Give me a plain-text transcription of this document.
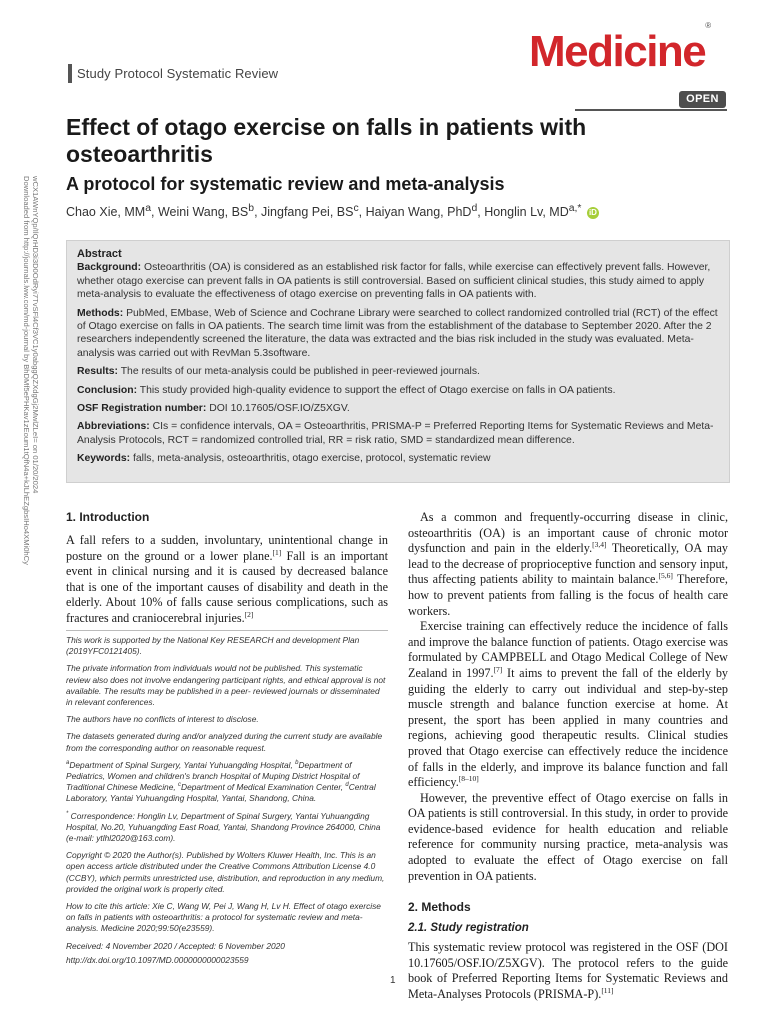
Study Protocol Systematic Review	Medicine®
OPEN
Downloaded from http://journals.lww.com/md-journal by BhDMf5ePHKav1zEoum1tQfN4a+kJLhEZgbsIHo4XMi0hCy wCX1AWnYQp/IlQrHD3i3D0OdRyi7TvSFl4Cf3VC1y0abggQZXdgGj2MwlZLeI= on 01/20/2024
Effect of otago exercise on falls in patients with osteoarthritis
A protocol for systematic review and meta-analysis
Chao Xie, $MM^a$, Weini Wang, $BS^b$, Jingfang Pei, $BS^c$, Haiyan Wang, PhD$^d$, Honglin Lv, $MD^{a,*}$ iD

Abstract

Background: Osteoarthritis (OA) is considered as an established risk factor for falls, while exercise can effectively prevent falls. However, whether otago exercise can prevent falls in OA patients is still controversial. Based on sufficient clinical studies, this study aimed to apply meta-analysis to evaluate the effectiveness of otago exercise on preventing falls in OA patients with.

Methods: PubMed, EMbase, Web of Science and Cochrane Library were searched to collect randomized controlled trial (RCT) of the effect of Otago exercise on falls in OA patients. The search time limit was from the establishment of the database to September 2020. After the 2 researchers independently screened the literature, the data was extracted and the bias risk included in the study was evaluated. Meta-analysis was carried out with RevMan 5.3software.

Results: The results of our meta-analysis could be published in peer-reviewed journals.

Conclusion: This study provided high-quality evidence to support the effect of Otago exercise on falls in OA patients.

OSF Registration number: DOI 10.17605/OSF.IO/Z5XGV.

Abbreviations: CIs = confidence intervals, OA = Osteoarthritis, PRISMA-P = Preferred Reporting Items for Systematic Reviews and Meta-Analysis Protocols, RCT = randomized controlled trial, RR = risk ratio, SMD = standardized mean difference.

Keywords: falls, meta-analysis, osteoarthritis, otago exercise, protocol, systematic review

1. Introduction

A fall refers to a sudden, involuntary, unintentional change in posture on the ground or a lower plane.[1] Fall is an important event in clinical nursing and it is caused by decreased balance that is one of the important causes of disability and death in the elderly. About 10% of falls cause serious complications, such as fractures and craniocerebral injuries.[2]

This work is supported by the National Key RESEARCH and development Plan (2019YFC0121405).

The private information from individuals would not be published. This systematic review also does not involve endangering participant rights, and ethical approval is not available. The results may be published in a peer- reviewed journals or disseminated in relevant conferences.

The authors have no conflicts of interest to disclose.

The datasets generated during and/or analyzed during the current study are available from the corresponding author on reasonable request.

$^a$Department of Spinal Surgery, Yantai Yuhuangding Hospital, $^b$Department of Pediatrics, Women and children's branch Hospital of Muping District Hospital of Traditional Chinese Medicine, $^c$Department of Medical Examination Center, $^d$Central Laboratory, Yantai Yuhuangding Hospital, Yantai, Shandong, China.

* Correspondence: Honglin Lv, Department of Spinal Surgery, Yantai Yuhuangding Hospital, No.20, Yuhuangding East Road, Yantai, Shandong Province 264000, China (e-mail: ytlhl2020@163.com).

Copyright © 2020 the Author(s). Published by Wolters Kluwer Health, Inc. This is an open access article distributed under the Creative Commons Attribution License 4.0 (CCBY), which permits unrestricted use, distribution, and reproduction in any medium, provided the original work is properly cited.

How to cite this article: Xie C, Wang W, Pei J, Wang H, Lv H. Effect of otago exercise on falls in patients with osteoarthritis: a protocol for systematic review and meta-analysis. Medicine 2020;99:50(e23559).

Received: 4 November 2020 / Accepted: 6 November 2020

http://dx.doi.org/10.1097/MD.0000000000023559

As a common and frequently-occurring disease in clinic, osteoarthritis (OA) is an important cause of chronic motor dysfunction and pain in the elderly.[3,4] Theoretically, OA may lead to the decrease of proprioceptive function and sensory input, thus affecting patients ability to maintain balance.[5,6] Therefore, how to prevent patients from falling is the focus of health care workers.

Exercise training can effectively reduce the incidence of falls and improve the balance function of patients. Otago exercise was formulated by CAMPBELL and Otago Medical College of New Zealand in 1997.[7] It aims to prevent the fall of the elderly by guiding the elderly to carry out individual and step-by-step muscle strength and balance function exercise at home. At present, the sport has been applied in many countries and regions, achieving good therapeutic results. Clinical studies proved that Otago exercise can effectively reduce the incidence of falls in the elderly, and improve its balance function and fall efficiency.[8–10]

However, the preventive effect of Otago exercise on falls in OA patients is still controversial. In this study, in order to provide evidence-based evidence for health education and reliable reference for community nursing practice, meta-analysis was adopted to evaluate the effect of Otago exercise on fall prevention in OA patients.

2. Methods

2.1. Study registration

This systematic review protocol was registered in the OSF (DOI 10.17605/OSF.IO/Z5XGV). The protocol refers to the guide book of Preferred Reporting Items for Systematic Reviews and Meta-Analyses Protocols (PRISMA-P).[11]

1
